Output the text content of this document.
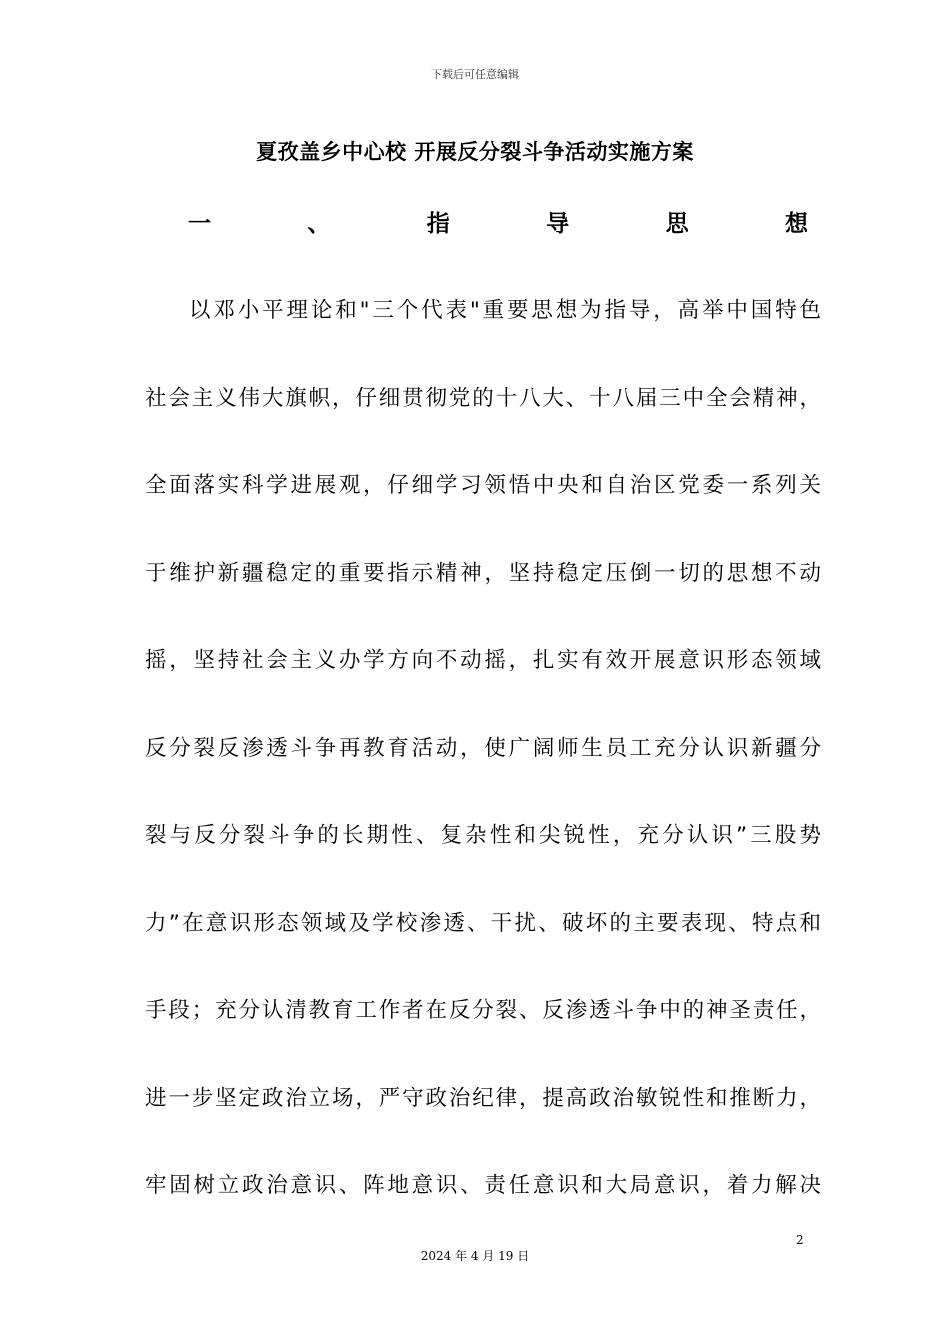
下载后可任意编辑
夏孜盖乡中心校 开展反分裂斗争活动实施方案
一	、	指	导	思	想
以邓小平理论和"三个代表"重要思想为指导，高举中国特色
社会主义伟大旗帜，仔细贯彻党的十八大、十八届三中全会精神，
全面落实科学进展观，仔细学习领悟中央和自治区党委一系列关
于维护新疆稳定的重要指示精神，坚持稳定压倒一切的思想不动
摇，坚持社会主义办学方向不动摇，扎实有效开展意识形态领域
反分裂反渗透斗争再教育活动，使广阔师生员工充分认识新疆分
裂与反分裂斗争的长期性、复杂性和尖锐性，充分认识”三股势
力”在意识形态领域及学校渗透、干扰、破坏的主要表现、特点和
手段；充分认清教育工作者在反分裂、反渗透斗争中的神圣责任，
进一步坚定政治立场，严守政治纪律，提高政治敏锐性和推断力，
牢固树立政治意识、阵地意识、责任意识和大局意识，着力解决
2
2024 年 4 月 19 日
